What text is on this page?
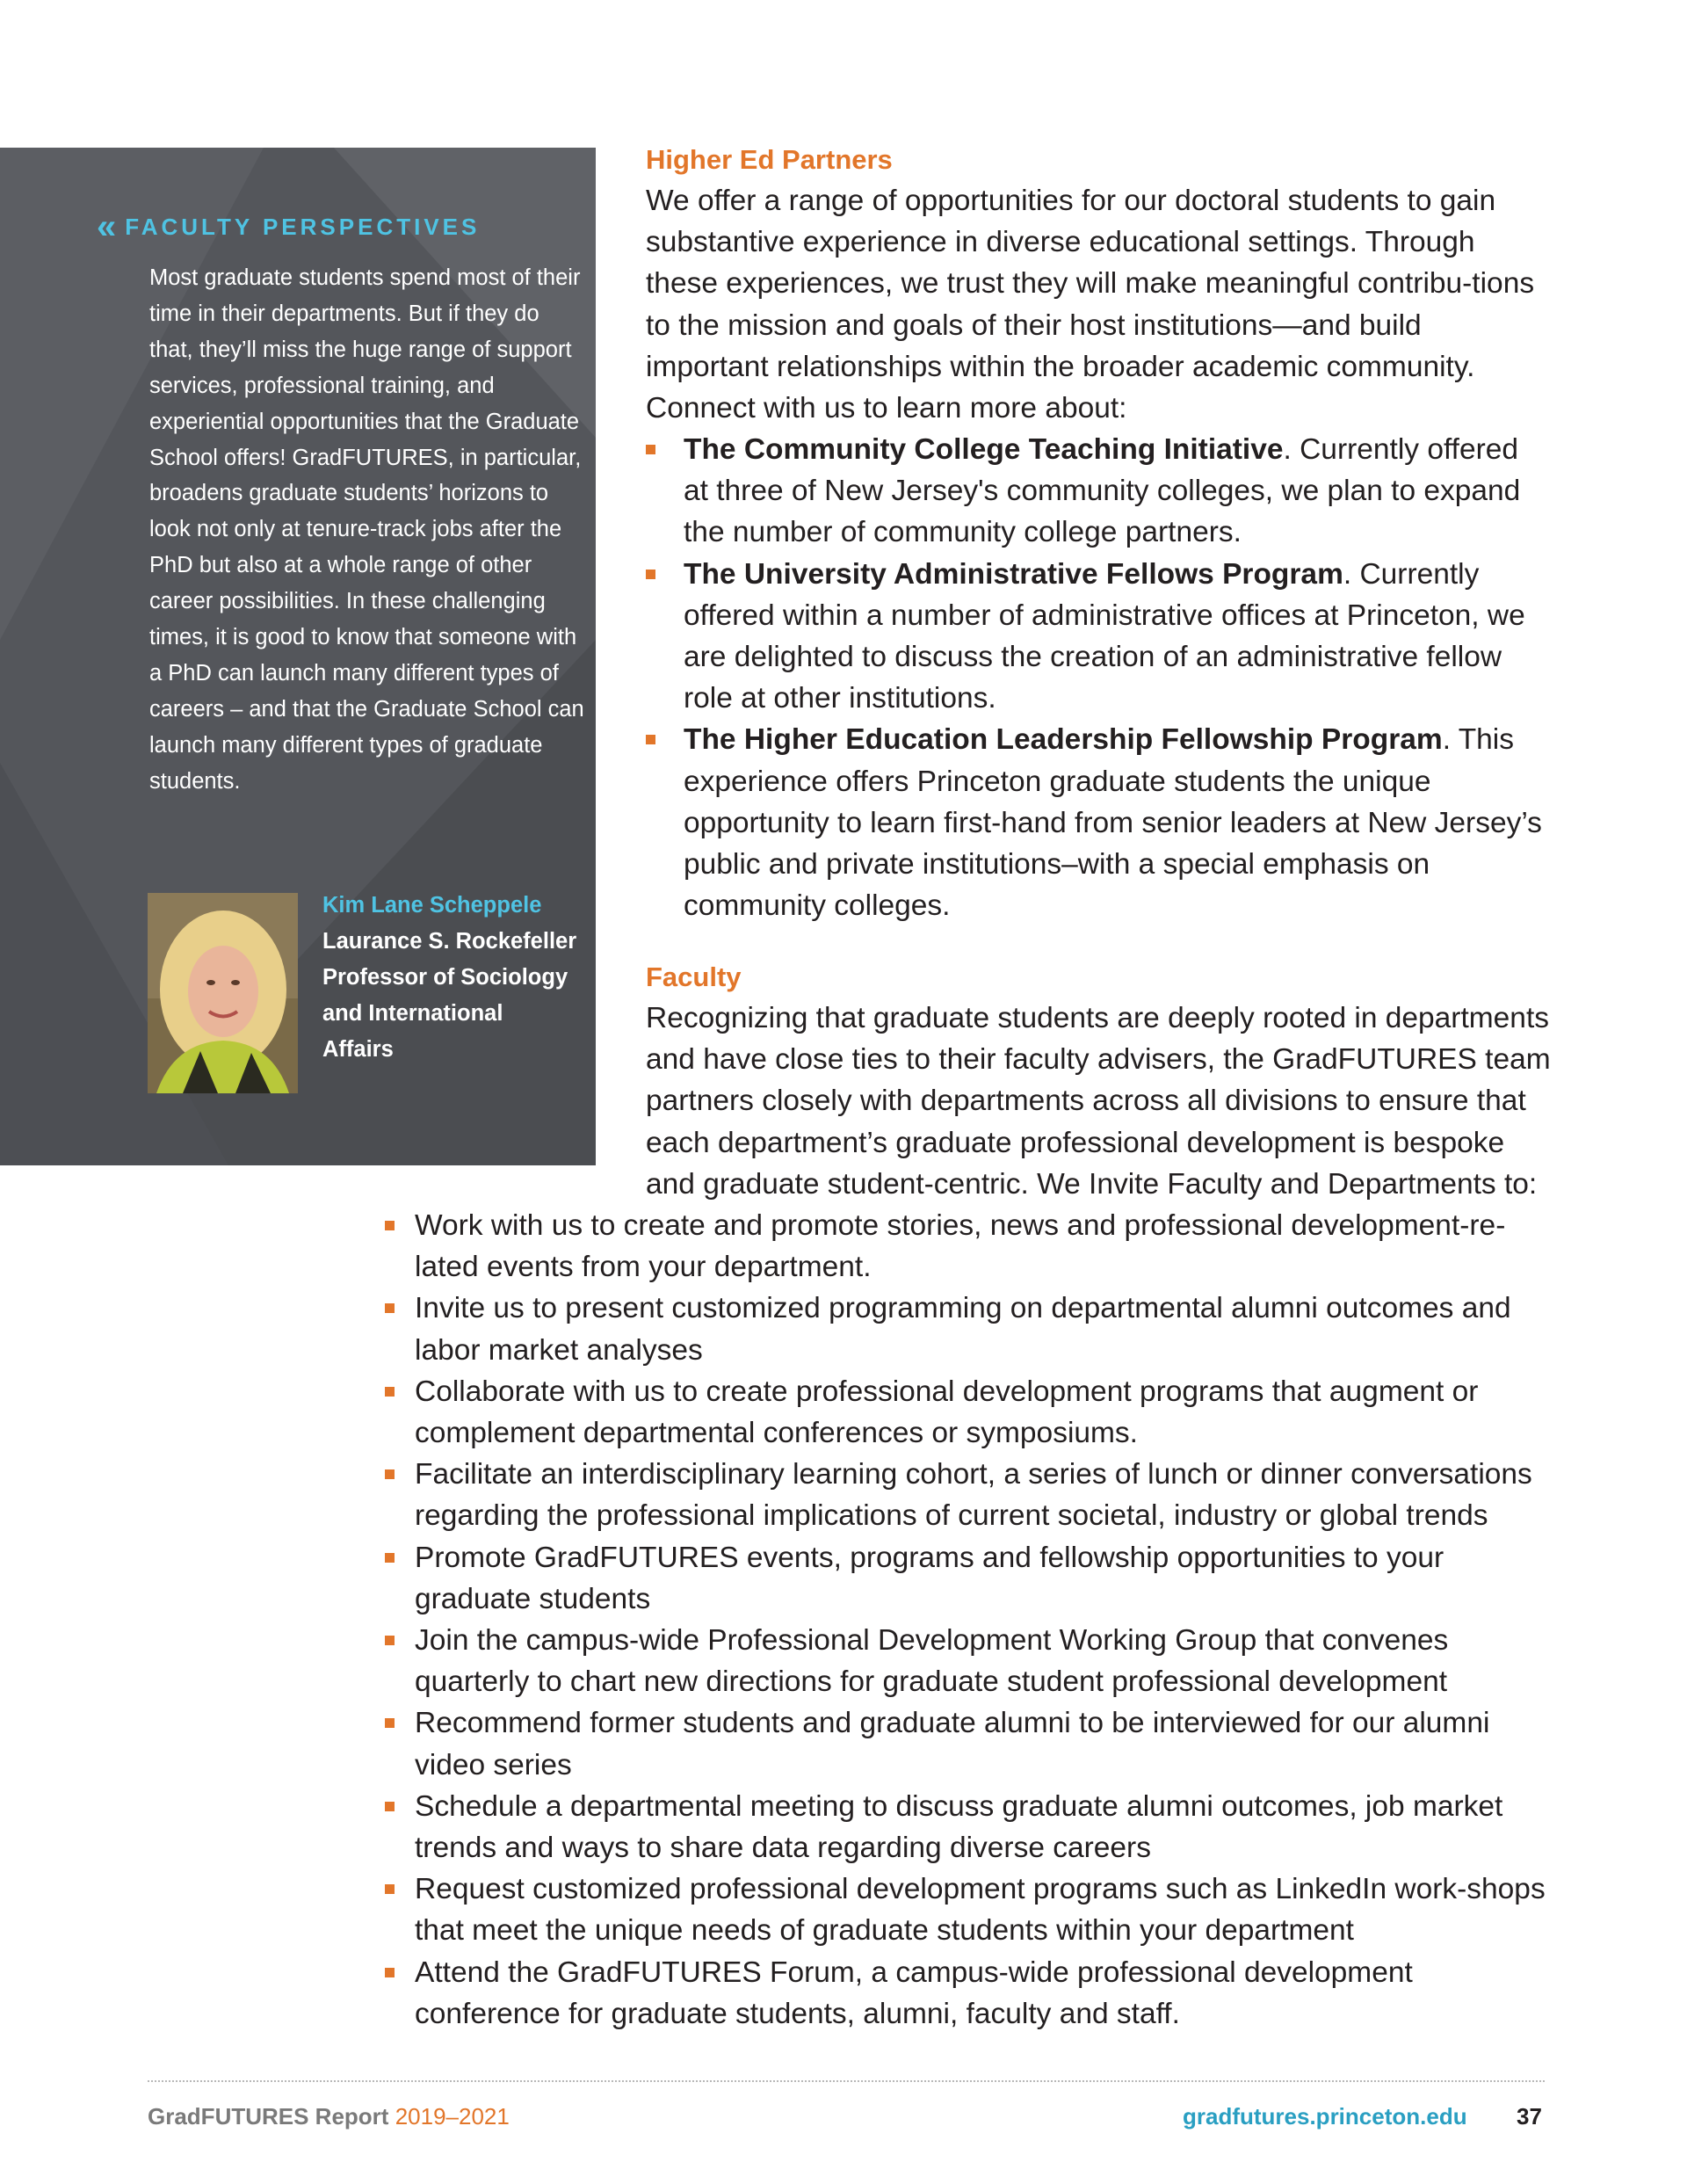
« FACULTY PERSPECTIVES

Most graduate students spend most of their time in their departments. But if they do that, they’ll miss the huge range of support services, professional training, and experiential opportunities that the Graduate School offers! GradFUTURES, in particular, broadens graduate students’ horizons to look not only at tenure-track jobs after the PhD but also at a whole range of other career possibilities. In these challenging times, it is good to know that someone with a PhD can launch many different types of careers – and that the Graduate School can launch many different types of graduate students.

Kim Lane Scheppele

Laurance S. Rockefeller Professor of Sociology and International Affairs

Higher Ed Partners

We offer a range of opportunities for our doctoral students to gain substantive experience in diverse educational settings. Through these experiences, we trust they will make meaningful contribu-tions to the mission and goals of their host institutions—and build important relationships within the broader academic community. Connect with us to learn more about:

The Community College Teaching Initiative. Currently offered at three of New Jersey's community colleges, we plan to expand the number of community college partners.
The University Administrative Fellows Program. Currently offered within a number of administrative offices at Princeton, we are delighted to discuss the creation of an administrative fellow role at other institutions.
The Higher Education Leadership Fellowship Program. This experience offers Princeton graduate students the unique opportunity to learn first-hand from senior leaders at New Jersey’s public and private institutions–with a special emphasis on community colleges.
Faculty

Recognizing that graduate students are deeply rooted in departments and have close ties to their faculty advisers, the GradFUTURES team partners closely with departments across all divisions to ensure that each department’s graduate professional development is bespoke and graduate student-centric. We Invite Faculty and Departments to:

Work with us to create and promote stories, news and professional development-re-lated events from your department.
Invite us to present customized programming on departmental alumni outcomes and labor market analyses
Collaborate with us to create professional development programs that augment or complement departmental conferences or symposiums.
Facilitate an interdisciplinary learning cohort, a series of lunch or dinner conversations regarding the professional implications of current societal, industry or global trends
Promote GradFUTURES events, programs and fellowship opportunities to your graduate students
Join the campus-wide Professional Development Working Group that convenes quarterly to chart new directions for graduate student professional development
Recommend former students and graduate alumni to be interviewed for our alumni video series
Schedule a departmental meeting to discuss graduate alumni outcomes, job market trends and ways to share data regarding diverse careers
Request customized professional development programs such as LinkedIn work-shops that meet the unique needs of graduate students within your department
Attend the GradFUTURES Forum, a campus-wide professional development conference for graduate students, alumni, faculty and staff.

GradFUTURES Report 2019–2021	gradfutures.princeton.edu 37
